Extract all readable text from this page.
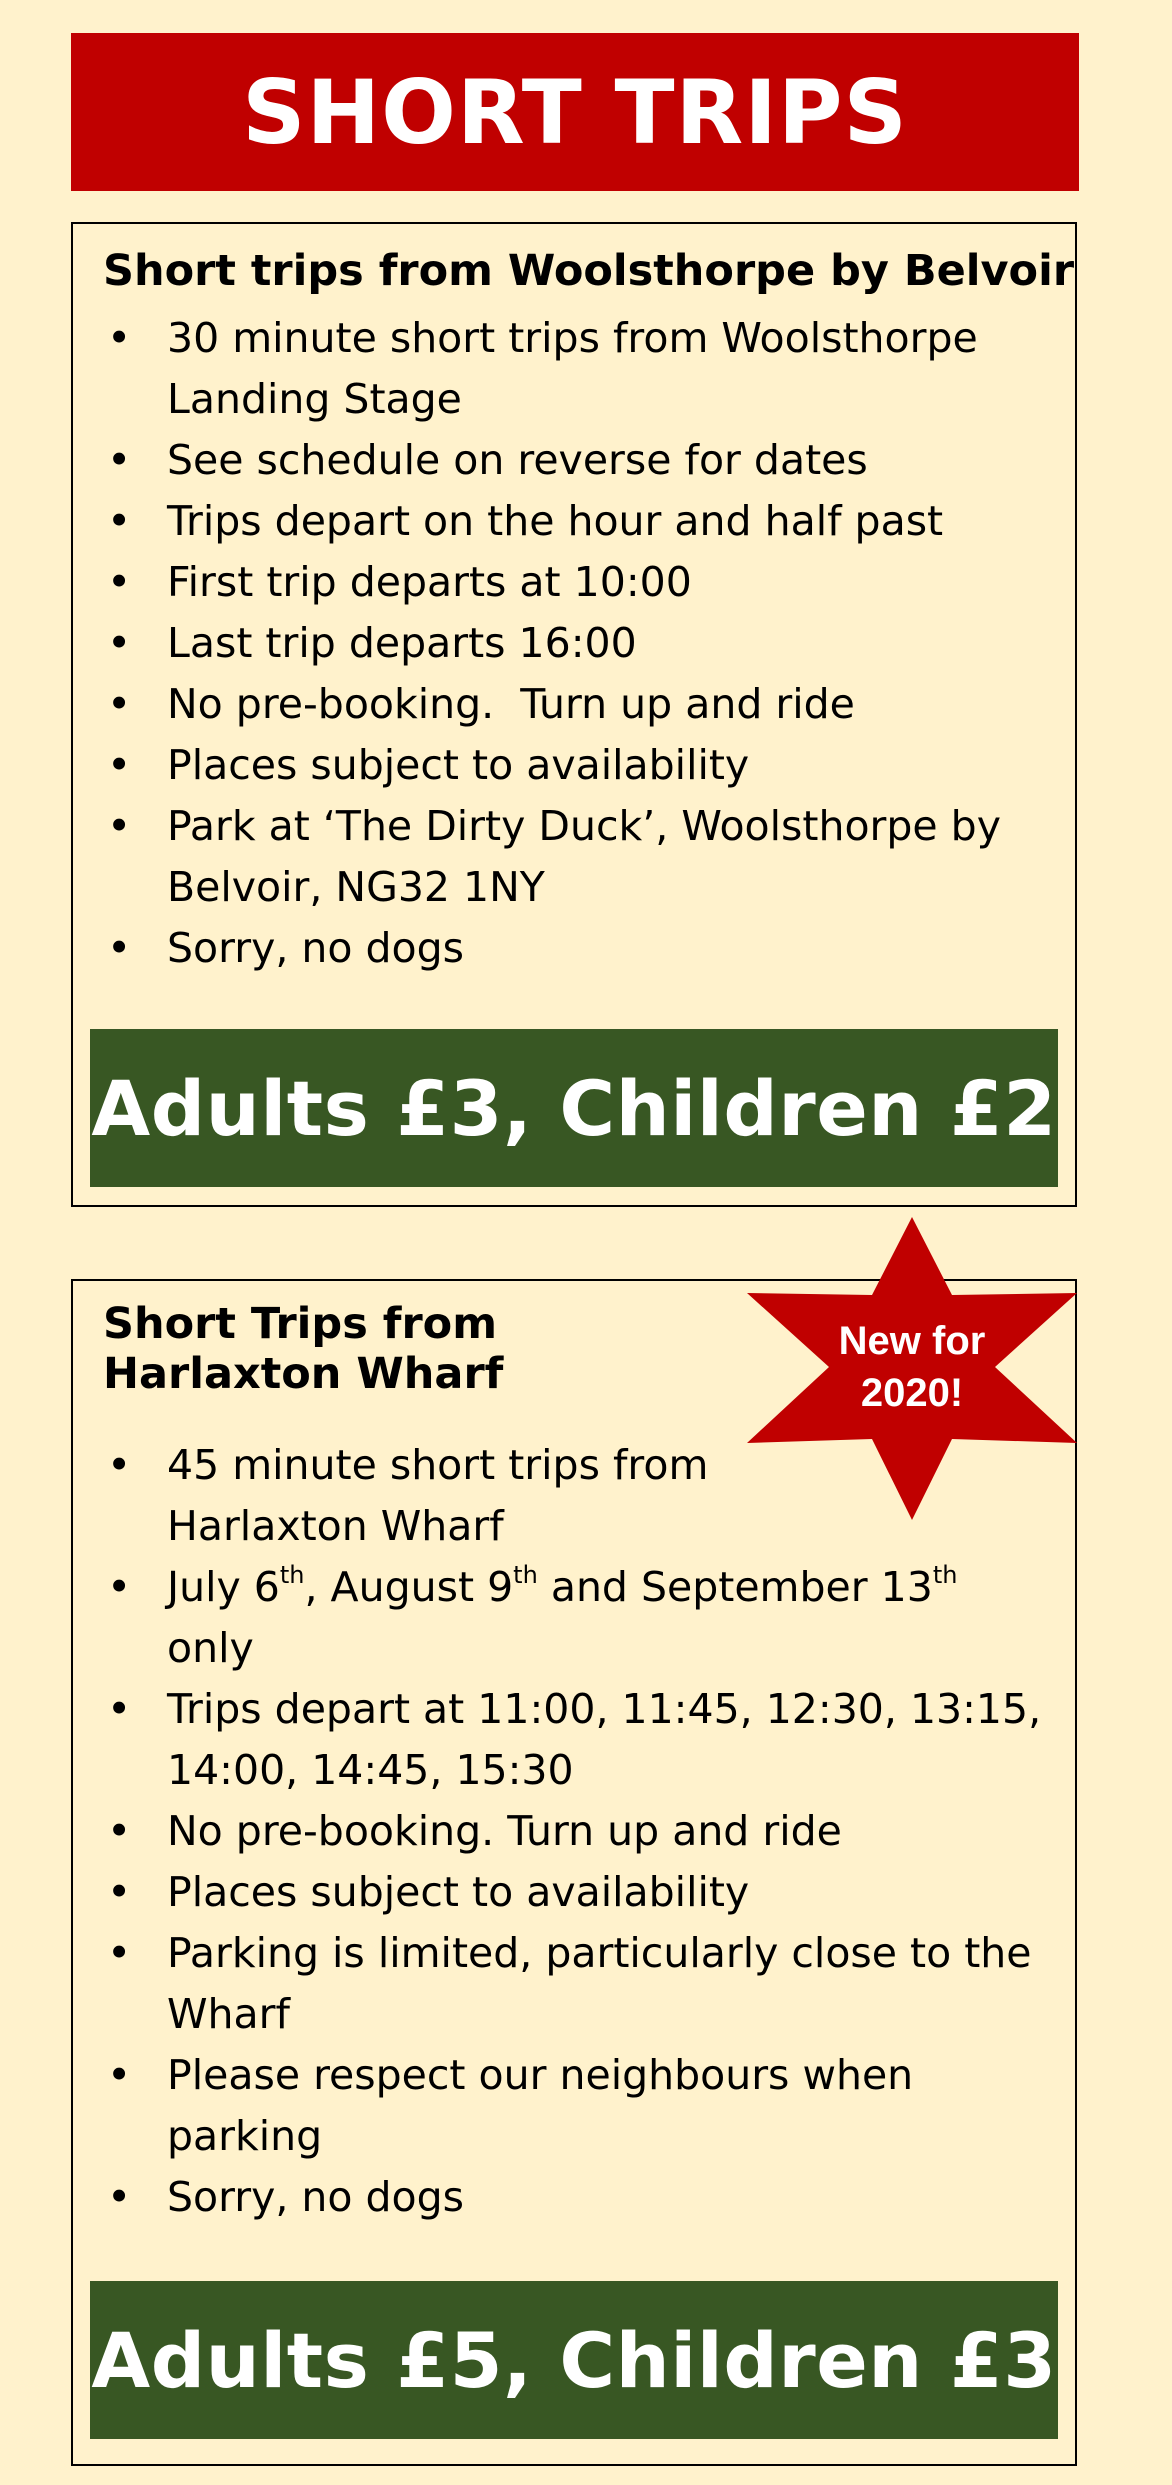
SHORT TRIPS
Short trips from Woolsthorpe by Belvoir
• 30 minute short trips from Woolsthorpe Landing Stage
• See schedule on reverse for dates
• Trips depart on the hour and half past
• First trip departs at 10:00
• Last trip departs 16:00
• No pre-booking.  Turn up and ride
• Places subject to availability
• Park at ‘The Dirty Duck’, Woolsthorpe by Belvoir, NG32 1NY
• Sorry, no dogs
Adults £3, Children £2
Short Trips from Harlaxton Wharf
• 45 minute short trips from Harlaxton Wharf
• July 6th, August 9th and September 13th
only
• Trips depart at 11:00, 11:45, 12:30, 13:15, 14:00, 14:45, 15:30
• No pre-booking. Turn up and ride
• Places subject to availability
• Parking is limited, particularly close to the Wharf
• Please respect our neighbours when parking
• Sorry, no dogs
Adults £5, Children £3
New for 2020!
